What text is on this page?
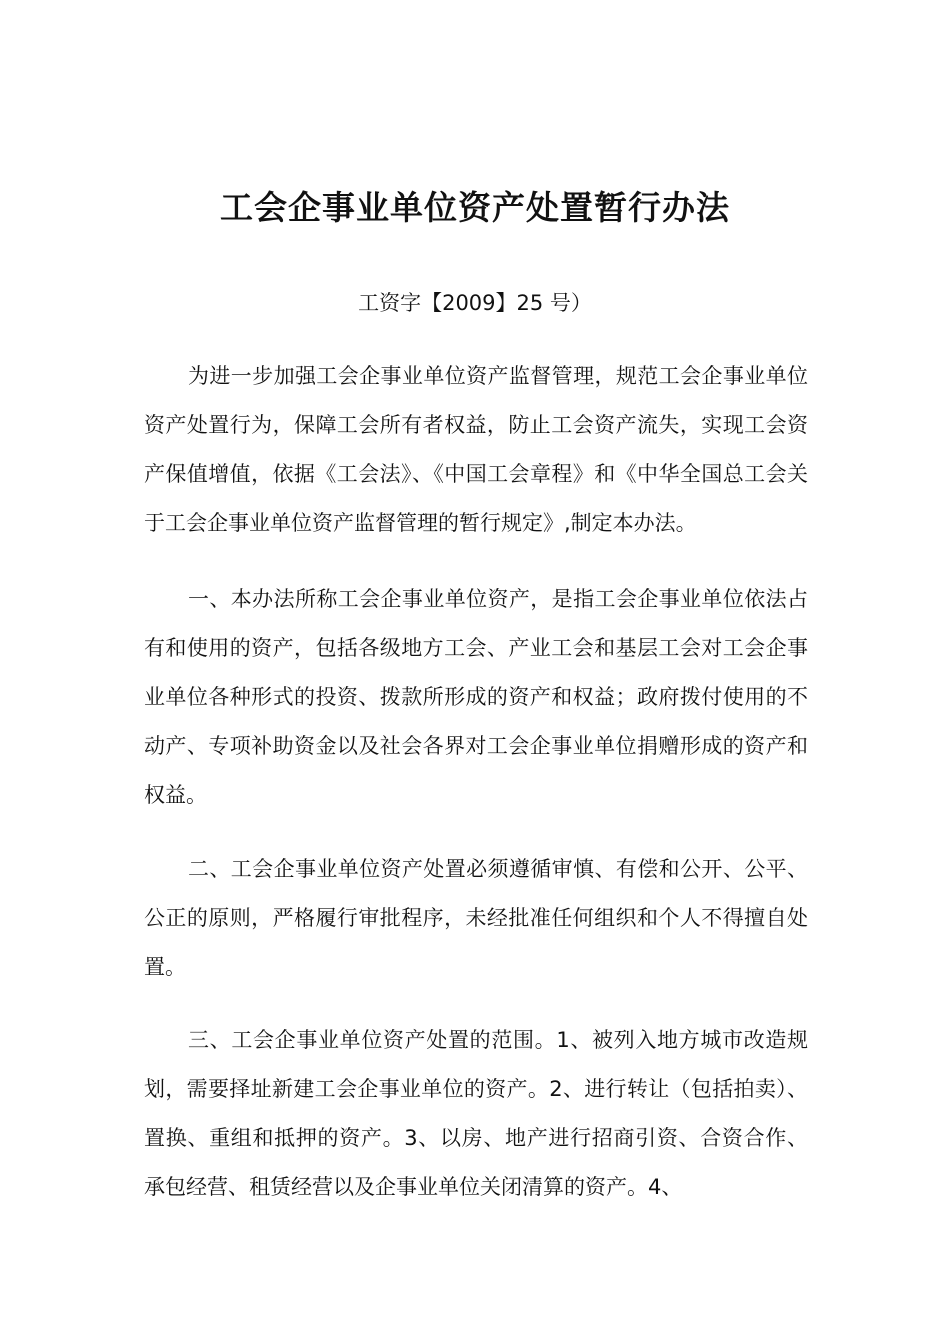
工会企事业单位资产处置暂行办法

工资字【2009】25 号）

为进一步加强工会企事业单位资产监督管理，规范工会企事业单位资产处置行为，保障工会所有者权益，防止工会资产流失，实现工会资产保值增值，依据《工会法》、《中国工会章程》和《中华全国总工会关于工会企事业单位资产监督管理的暂行规定》,制定本办法。

一、本办法所称工会企事业单位资产，是指工会企事业单位依法占有和使用的资产，包括各级地方工会、产业工会和基层工会对工会企事业单位各种形式的投资、拨款所形成的资产和权益；政府拨付使用的不动产、专项补助资金以及社会各界对工会企事业单位捐赠形成的资产和权益。

二、工会企事业单位资产处置必须遵循审慎、有偿和公开、公平、公正的原则，严格履行审批程序，未经批准任何组织和个人不得擅自处置。

三、工会企事业单位资产处置的范围。1、被列入地方城市改造规划，需要择址新建工会企事业单位的资产。2、进行转让（包括拍卖）、置换、重组和抵押的资产。3、以房、地产进行招商引资、合资合作、承包经营、租赁经营以及企事业单位关闭清算的资产。4、
